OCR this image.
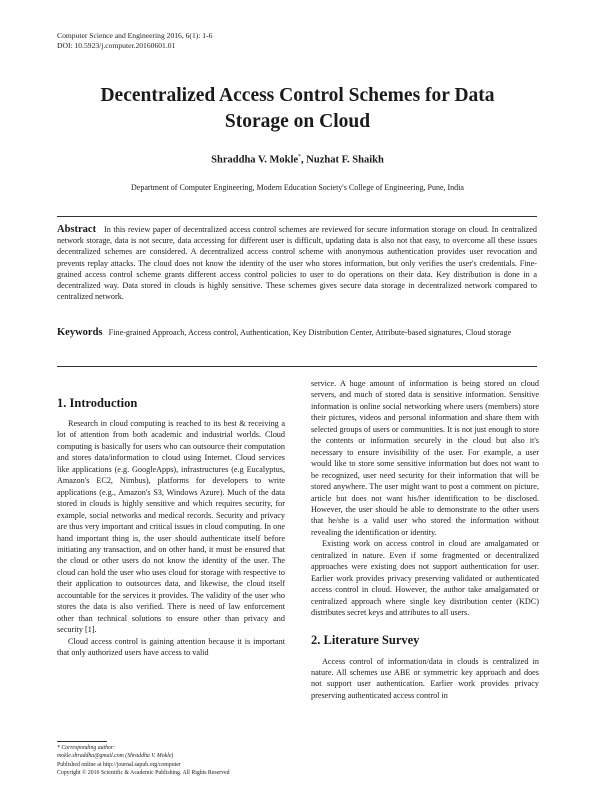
Computer Science and Engineering 2016, 6(1): 1-6
DOI: 10.5923/j.computer.20160601.01
Decentralized Access Control Schemes for Data
Storage on Cloud
Shraddha V. Mokle*, Nuzhat F. Shaikh
Department of Computer Engineering, Modern Education Society's College of Engineering, Pune, India
Abstract In this review paper of decentralized access control schemes are reviewed for secure information storage on cloud. In centralized network storage, data is not secure, data accessing for different user is difficult, updating data is also not that easy, to overcome all these issues decentralized schemes are considered. A decentralized access control scheme with anonymous authentication provides user revocation and prevents replay attacks. The cloud does not know the identity of the user who stores information, but only verifies the user's credentials. Fine-grained access control scheme grants different access control policies to user to do operations on their data. Key distribution is done in a decentralized way. Data stored in clouds is highly sensitive. These schemes gives secure data storage in decentralized network compared to centralized network.
Keywords Fine-grained Approach, Access control, Authentication, Key Distribution Center, Attribute-based signatures, Cloud storage
1. Introduction

Research in cloud computing is reached to its best & receiving a lot of attention from both academic and industrial worlds. Cloud computing is basically for users who can outsource their computation and stores data/information to cloud using Internet. Cloud services like applications (e.g. GoogleApps), infrastructures (e.g Eucalyptus, Amazon's EC2, Nimbus), platforms for developers to write applications (e.g., Amazon's S3, Windows Azure). Much of the data stored in clouds is highly sensitive and which requires security, for example, social networks and medical records. Security and privacy are thus very important and critical issues in cloud computing. In one hand important thing is, the user should authenticate itself before initiating any transaction, and on other hand, it must be ensured that the cloud or other users do not know the identity of the user. The cloud can hold the user who uses cloud for storage with respective to their application to outsources data, and likewise, the cloud itself accountable for the services it provides. The validity of the user who stores the data is also verified. There is need of law enforcement other than technical solutions to ensure other than privacy and security [1].

Cloud access control is gaining attention because it is important that only authorized users have access to valid

service. A huge amount of information is being stored on cloud servers, and much of stored data is sensitive information. Sensitive information is online social networking where users (members) store their pictures, videos and personal information and share them with selected groups of users or communities. It is not just enough to store the contents or information securely in the cloud but also it's necessary to ensure invisibility of the user. For example, a user would like to store some sensitive information but does not want to be recognized, user need security for their information that will be stored anywhere. The user might want to post a comment on picture, article but does not want his/her identification to be disclosed. However, the user should be able to demonstrate to the other users that he/she is a valid user who stored the information without revealing the identification or identity.

Existing work on access control in cloud are amalgamated or centralized in nature. Even if some fragmented or decentralized approaches were existing does not support authentication for user. Earlier work provides privacy preserving validated or authenticated access control in cloud. However, the author take amalgamated or centralized approach where single key distribution center (KDC) distributes secret keys and attributes to all users.

2. Literature Survey

Access control of information/data in clouds is centralized in nature. All schemes use ABE or symmetric key approach and does not support user authentication. Earlier work provides privacy preserving authenticated access control in

* Corresponding author:
mokle.shraddha@gmail.com (Shraddha V. Mokle)
Published online at http://journal.sapub.org/computer
Copyright © 2016 Scientific & Academic Publishing. All Rights Reserved
